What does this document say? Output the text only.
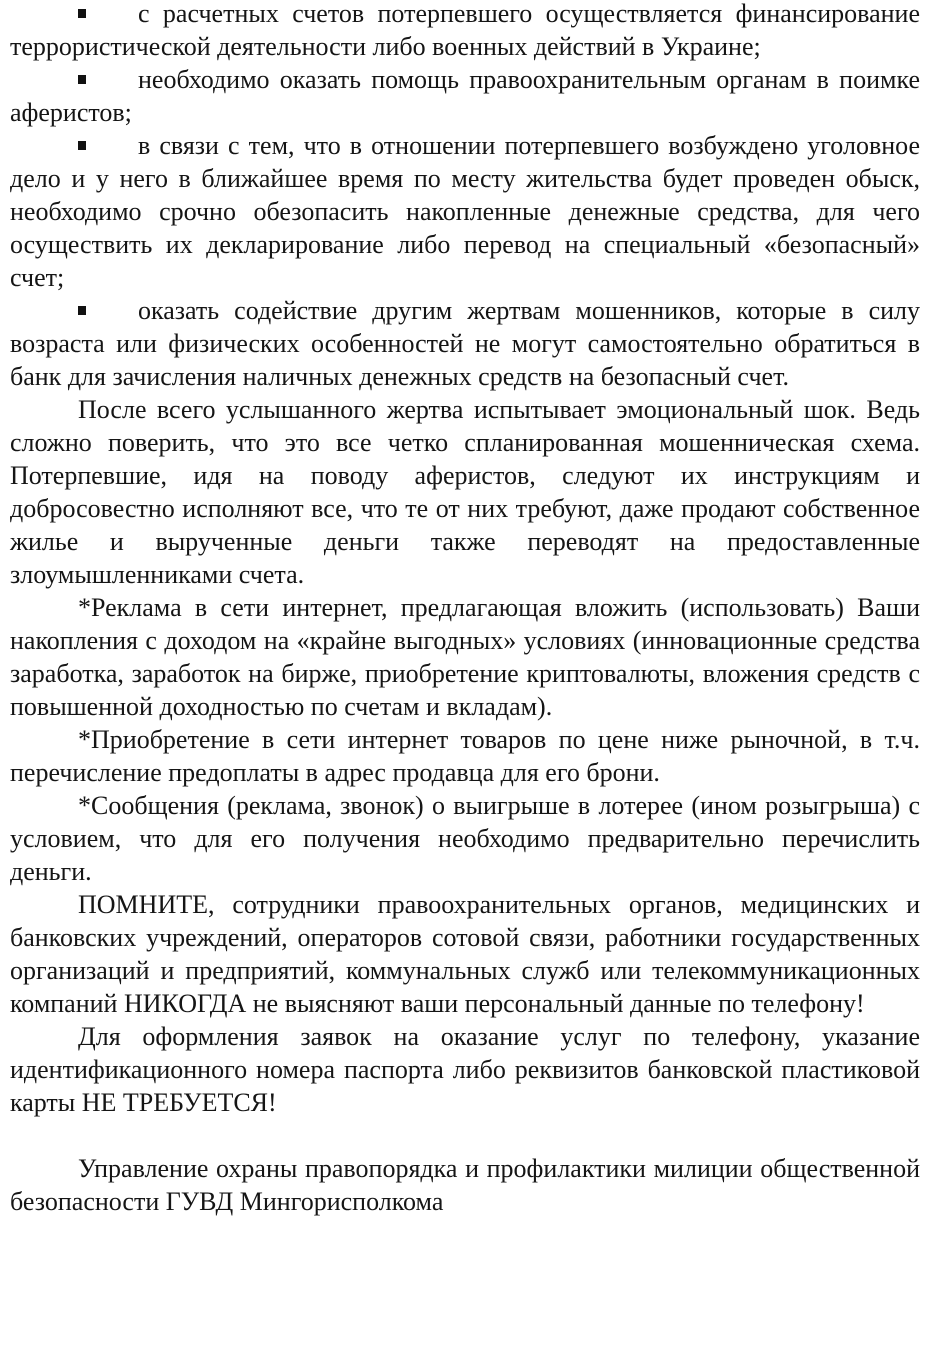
с расчетных счетов потерпевшего осуществляется финансирование террористической деятельности либо военных действий в Украине;

необходимо оказать помощь правоохранительным органам в поимке аферистов;

в связи с тем, что в отношении потерпевшего возбуждено уголовное дело и у него в ближайшее время по месту жительства будет проведен обыск, необходимо срочно обезопасить накопленные денежные средства, для чего осуществить их декларирование либо перевод на специальный «безопасный» счет;

оказать содействие другим жертвам мошенников, которые в силу возраста или физических особенностей не могут самостоятельно обратиться в банк для зачисления наличных денежных средств на безопасный счет.

После всего услышанного жертва испытывает эмоциональный шок. Ведь сложно поверить, что это все четко спланированная мошенническая схема. Потерпевшие, идя на поводу аферистов, следуют их инструкциям и добросовестно исполняют все, что те от них требуют, даже продают собственное жилье и вырученные деньги также переводят на предоставленные злоумышленниками счета.

*Реклама в сети интернет, предлагающая вложить (использовать) Ваши накопления с доходом на «крайне выгодных» условиях (инновационные средства заработка, заработок на бирже, приобретение криптовалюты, вложения средств с повышенной доходностью по счетам и вкладам).

*Приобретение в сети интернет товаров по цене ниже рыночной, в т.ч. перечисление предоплаты в адрес продавца для его брони.

*Сообщения (реклама, звонок) о выигрыше в лотерее (ином розыгрыша) с условием, что для его получения необходимо предварительно перечислить деньги.

ПОМНИТЕ, сотрудники правоохранительных органов, медицинских и банковских учреждений, операторов сотовой связи, работники государственных организаций и предприятий, коммунальных служб или телекоммуникационных компаний НИКОГДА не выясняют ваши персональный данные по телефону!

Для оформления заявок на оказание услуг по телефону, указание идентификационного номера паспорта либо реквизитов банковской пластиковой карты НЕ ТРЕБУЕТСЯ!

Управление охраны правопорядка и профилактики милиции общественной безопасности ГУВД Мингорисполкома
